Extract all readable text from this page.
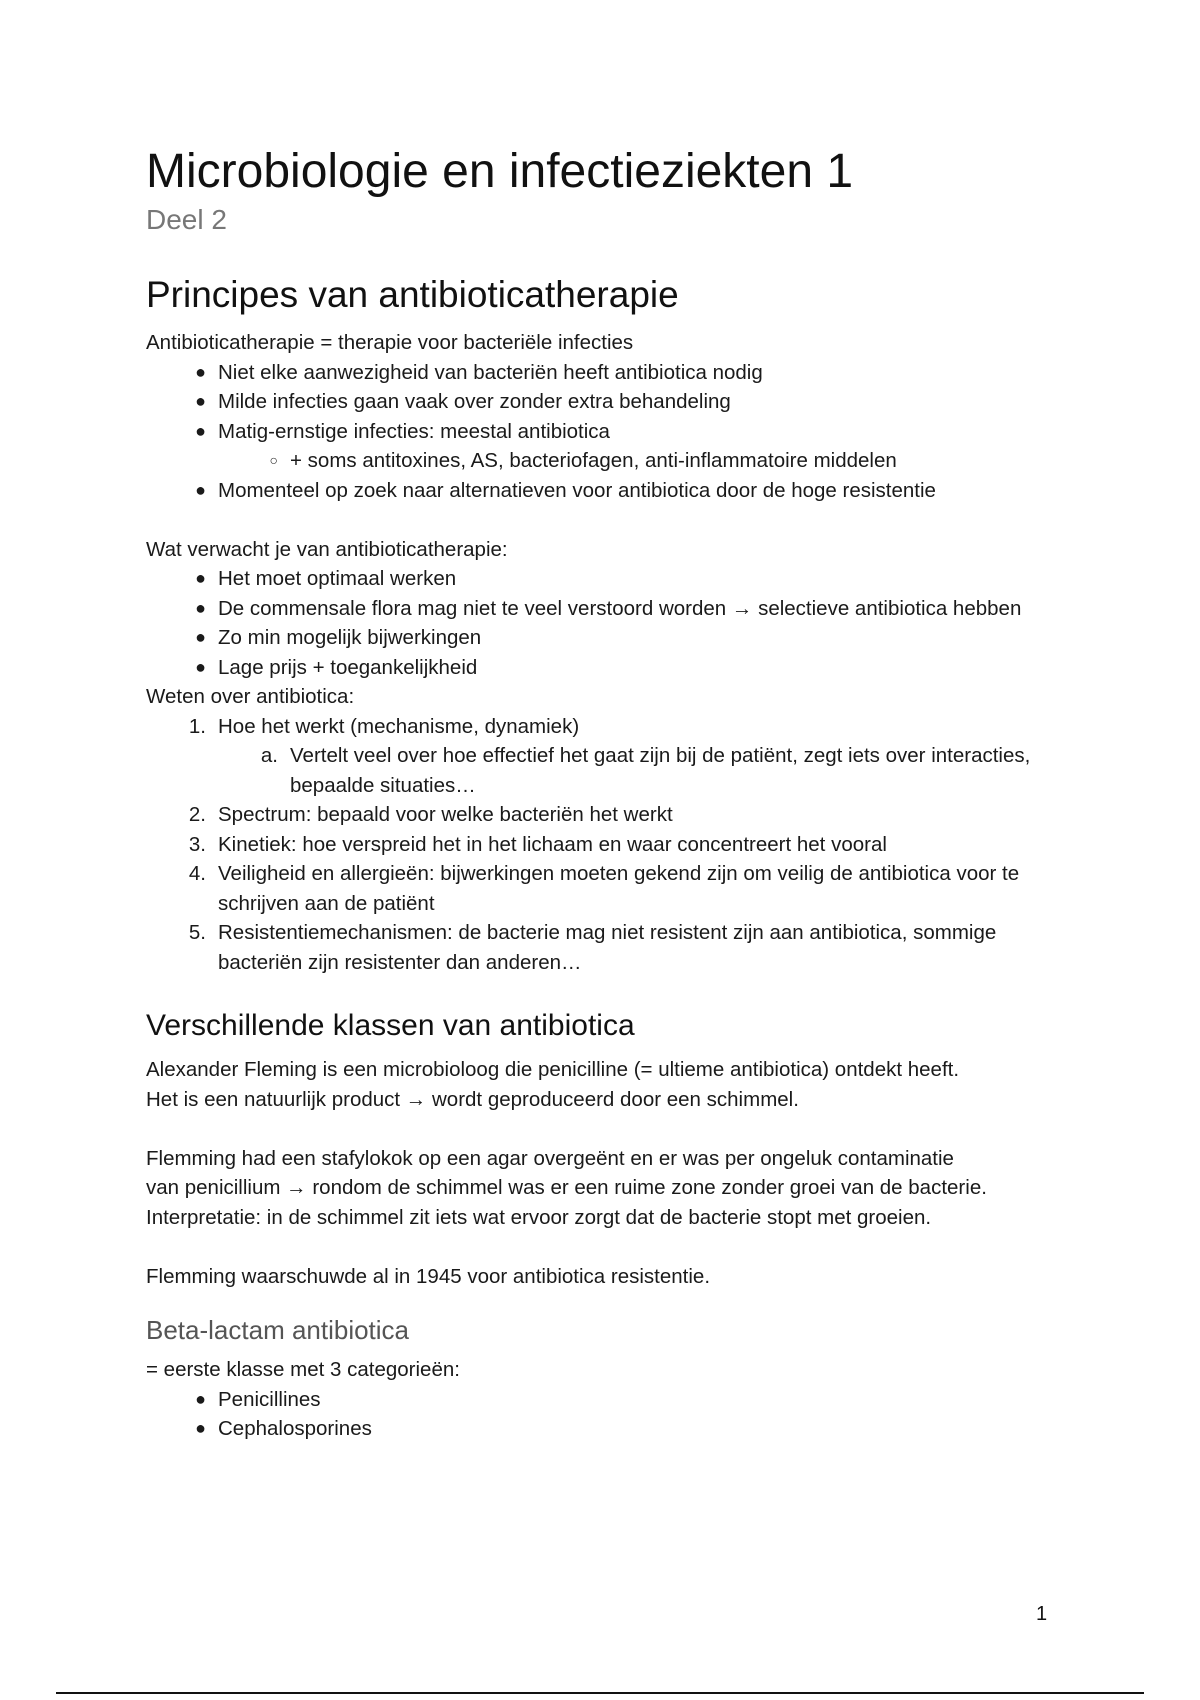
Microbiologie en infectieziekten 1
Deel 2
Principes van antibioticatherapie

Antibioticatherapie = therapie voor bacteriële infecties

● Niet elke aanwezigheid van bacteriën heeft antibiotica nodig
● Milde infecties gaan vaak over zonder extra behandeling
● Matig-ernstige infecties: meestal antibiotica
○ + soms antitoxines, AS, bacteriofagen, anti-inflammatoire middelen
● Momenteel op zoek naar alternatieven voor antibiotica door de hoge resistentie

Wat verwacht je van antibioticatherapie:

● Het moet optimaal werken
● De commensale flora mag niet te veel verstoord worden → selectieve antibiotica hebben
● Zo min mogelijk bijwerkingen
● Lage prijs + toegankelijkheid

Weten over antibiotica:

1. Hoe het werkt (mechanisme, dynamiek)
a. Vertelt veel over hoe effectief het gaat zijn bij de patiënt, zegt iets over interacties, bepaalde situaties…
2. Spectrum: bepaald voor welke bacteriën het werkt
3. Kinetiek: hoe verspreid het in het lichaam en waar concentreert het vooral
4. Veiligheid en allergieën: bijwerkingen moeten gekend zijn om veilig de antibiotica voor te schrijven aan de patiënt
5. Resistentiemechanismen: de bacterie mag niet resistent zijn aan antibiotica, sommige bacteriën zijn resistenter dan anderen…
Verschillende klassen van antibiotica

Alexander Fleming is een microbioloog die penicilline (= ultieme antibiotica) ontdekt heeft.

Het is een natuurlijk product → wordt geproduceerd door een schimmel.

Flemming had een stafylokok op een agar overgeënt en er was per ongeluk contaminatie

van penicillium → rondom de schimmel was er een ruime zone zonder groei van de bacterie.

Interpretatie: in de schimmel zit iets wat ervoor zorgt dat de bacterie stopt met groeien.

Flemming waarschuwde al in 1945 voor antibiotica resistentie.

Beta-lactam antibiotica

= eerste klasse met 3 categorieën:

● Penicillines
● Cephalosporines
1
